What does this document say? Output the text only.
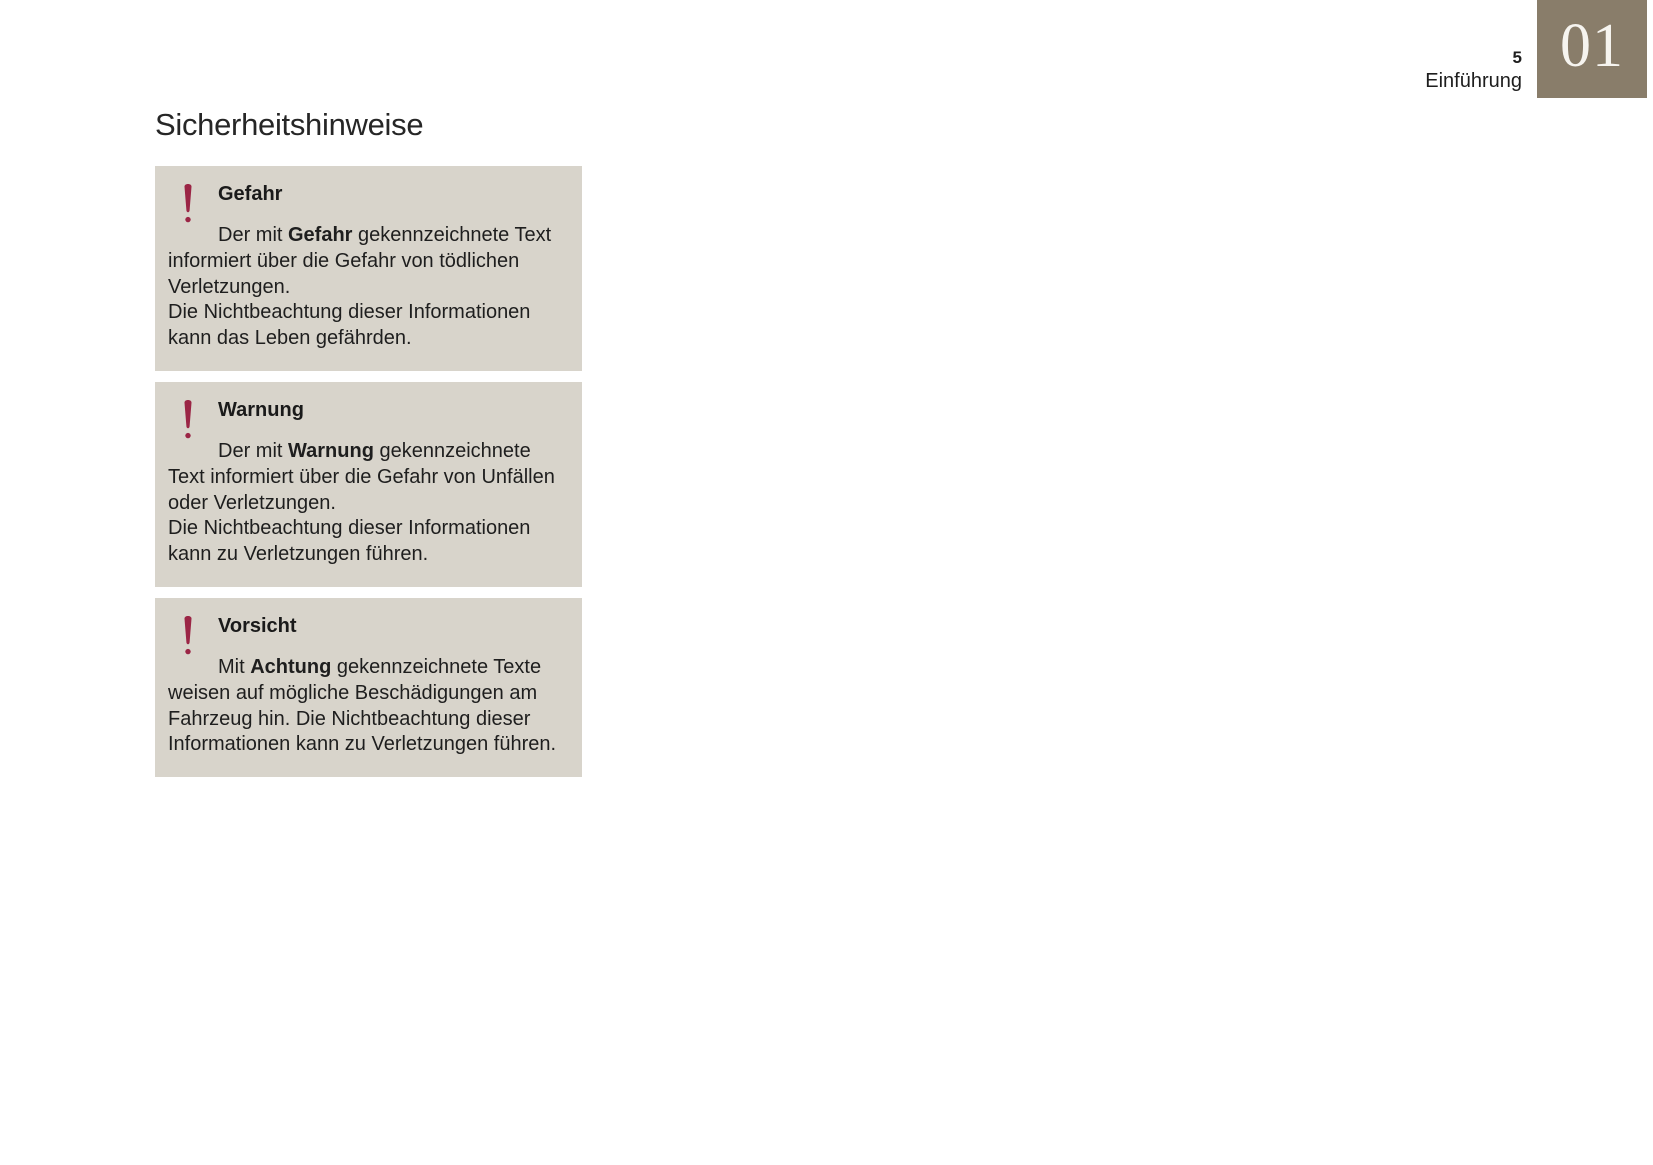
01
5
Einführung
Sicherheitshinweise
Gefahr

Der mit Gefahr gekennzeichnete Text informiert über die Gefahr von tödlichen Verletzungen.

Die Nichtbeachtung dieser Informationen kann das Leben gefährden.

Warnung

Der mit Warnung gekennzeichnete Text informiert über die Gefahr von Unfällen oder Verletzungen.

Die Nichtbeachtung dieser Informationen kann zu Verletzungen führen.

Vorsicht

Mit Achtung gekennzeichnete Texte weisen auf mögliche Beschädigungen am Fahrzeug hin. Die Nichtbeachtung dieser Informationen kann zu Verletzungen führen.
